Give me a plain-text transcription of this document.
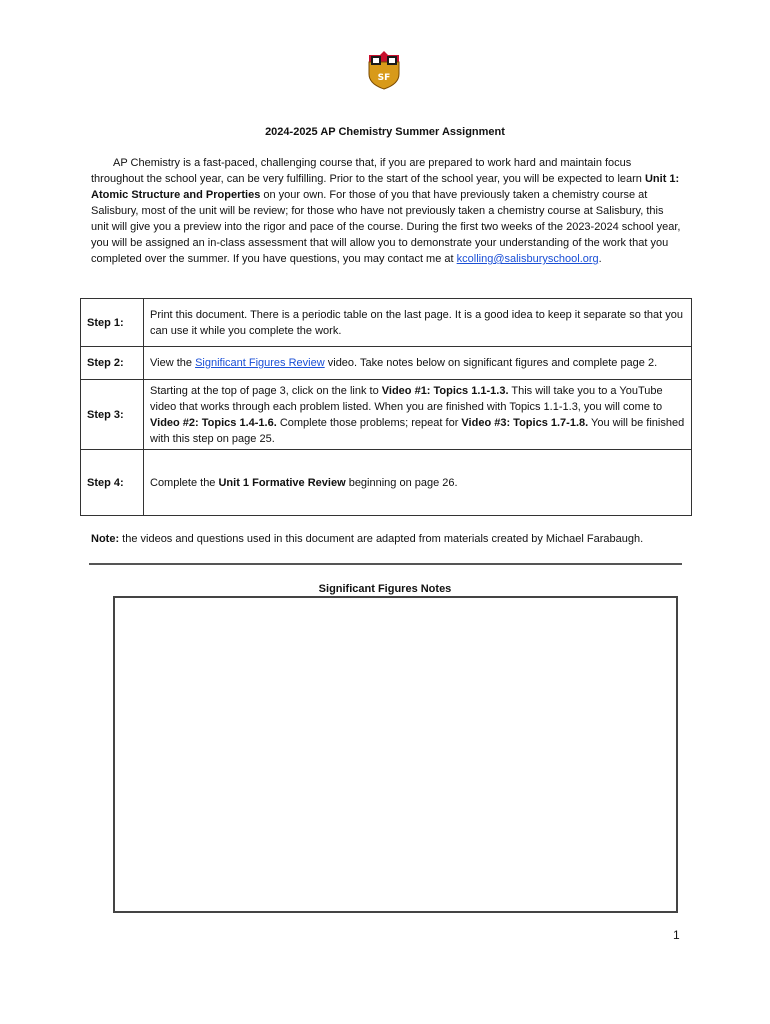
SF
2024-2025 AP Chemistry Summer Assignment

AP Chemistry is a fast-paced, challenging course that, if you are prepared to work hard and maintain focus throughout the school year, can be very fulfilling. Prior to the start of the school year, you will be expected to learn Unit 1: Atomic Structure and Properties on your own. For those of you that have previously taken a chemistry course at Salisbury, most of the unit will be review; for those who have not previously taken a chemistry course at Salisbury, this unit will give you a preview into the rigor and pace of the course. During the first two weeks of the 2023-2024 school year, you will be assigned an in-class assessment that will allow you to demonstrate your understanding of the work that you completed over the summer. If you have questions, you may contact me at kcolling@salisburyschool.org.

Step 1:	Print this document. There is a periodic table on the last page. It is a good idea to keep it separate so that you can use it while you complete the work.
Step 2:	View the Significant Figures Review video. Take notes below on significant figures and complete page 2.
Step 3:	Starting at the top of page 3, click on the link to Video #1: Topics 1.1-1.3. This will take you to a YouTube video that works through each problem listed. When you are finished with Topics 1.1-1.3, you will come to Video #2: Topics 1.4-1.6. Complete those problems; repeat for Video #3: Topics 1.7-1.8. You will be finished with this step on page 25.
Step 4:	Complete the Unit 1 Formative Review beginning on page 26.
Note: the videos and questions used in this document are adapted from materials created by Michael Farabaugh.
Significant Figures Notes
1
